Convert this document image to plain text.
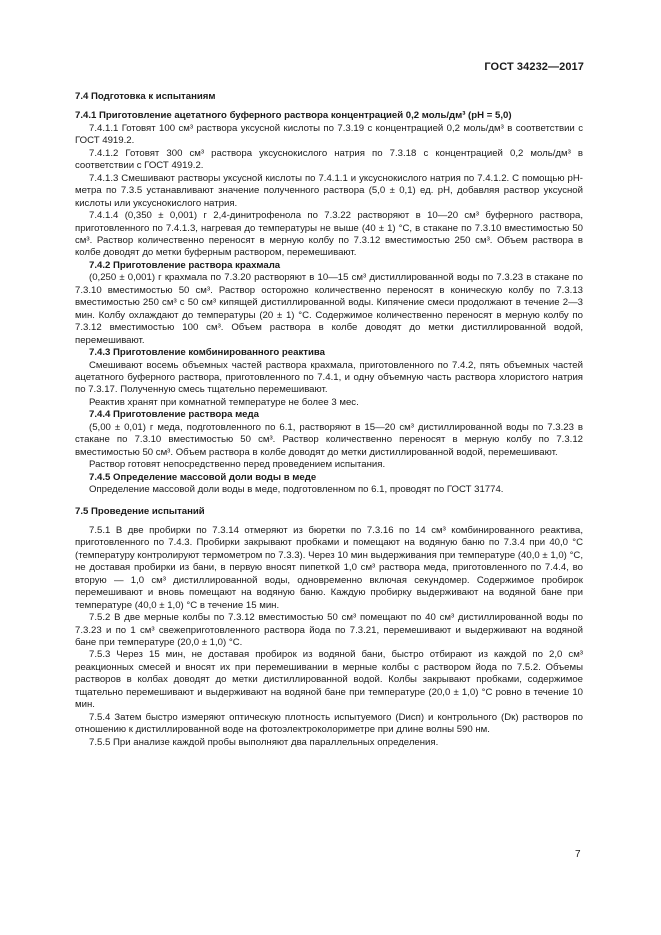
ГОСТ 34232—2017

7.4 Подготовка к испытаниям

7.4.1 Приготовление ацетатного буферного раствора концентрацией 0,2 моль/дм³ (рН = 5,0)

7.4.1.1 Готовят 100 см³ раствора уксусной кислоты по 7.3.19 с концентрацией 0,2 моль/дм³ в соответствии с ГОСТ 4919.2.

7.4.1.2 Готовят 300 см³ раствора уксуснокислого натрия по 7.3.18 с концентрацией 0,2 моль/дм³ в соответствии с ГОСТ 4919.2.

7.4.1.3 Смешивают растворы уксусной кислоты по 7.4.1.1 и уксуснокислого натрия по 7.4.1.2. С помощью рН-метра по 7.3.5 устанавливают значение полученного раствора (5,0 ± 0,1) ед. рН, добавляя раствор уксусной кислоты или уксуснокислого натрия.

7.4.1.4 (0,350 ± 0,001) г 2,4-динитрофенола по 7.3.22 растворяют в 10—20 см³ буферного раствора, приготовленного по 7.4.1.3, нагревая до температуры не выше (40 ± 1) °С, в стакане по 7.3.10 вместимостью 50 см³. Раствор количественно переносят в мерную колбу по 7.3.12 вместимостью 250 см³. Объем раствора в колбе доводят до метки буферным раствором, перемешивают.

7.4.2 Приготовление раствора крахмала

(0,250 ± 0,001) г крахмала по 7.3.20 растворяют в 10—15 см³ дистиллированной воды по 7.3.23 в стакане по 7.3.10 вместимостью 50 см³. Раствор осторожно количественно переносят в коническую колбу по 7.3.13 вместимостью 250 см³ с 50 см³ кипящей дистиллированной воды. Кипячение смеси продолжают в течение 2—3 мин. Колбу охлаждают до температуры (20 ± 1) °С. Содержимое количественно переносят в мерную колбу по 7.3.12 вместимостью 100 см³. Объем раствора в колбе доводят до метки дистиллированной водой, перемешивают.

7.4.3 Приготовление комбинированного реактива

Смешивают восемь объемных частей раствора крахмала, приготовленного по 7.4.2, пять объемных частей ацетатного буферного раствора, приготовленного по 7.4.1, и одну объемную часть раствора хлористого натрия по 7.3.17. Полученную смесь тщательно перемешивают.

Реактив хранят при комнатной температуре не более 3 мес.

7.4.4 Приготовление раствора меда

(5,00 ± 0,01) г меда, подготовленного по 6.1, растворяют в 15—20 см³ дистиллированной воды по 7.3.23 в стакане по 7.3.10 вместимостью 50 см³. Раствор количественно переносят в мерную колбу по 7.3.12 вместимостью 50 см³. Объем раствора в колбе доводят до метки дистиллированной водой, перемешивают.

Раствор готовят непосредственно перед проведением испытания.

7.4.5 Определение массовой доли воды в меде

Определение массовой доли воды в меде, подготовленном по 6.1, проводят по ГОСТ 31774.

7.5 Проведение испытаний

7.5.1 В две пробирки по 7.3.14 отмеряют из бюретки по 7.3.16 по 14 см³ комбинированного реактива, приготовленного по 7.4.3. Пробирки закрывают пробками и помещают на водяную баню по 7.3.4 при 40,0 °С (температуру контролируют термометром по 7.3.3). Через 10 мин выдерживания при температуре (40,0 ± 1,0) °С, не доставая пробирки из бани, в первую вносят пипеткой 1,0 см³ раствора меда, приготовленного по 7.4.4, во вторую — 1,0 см³ дистиллированной воды, одновременно включая секундомер. Содержимое пробирок перемешивают и вновь помещают на водяную баню. Каждую пробирку выдерживают на водяной бане при температуре (40,0 ± 1,0) °С в течение 15 мин.

7.5.2 В две мерные колбы по 7.3.12 вместимостью 50 см³ помещают по 40 см³ дистиллированной воды по 7.3.23 и по 1 см³ свежеприготовленного раствора йода по 7.3.21, перемешивают и выдерживают на водяной бане при температуре (20,0 ± 1,0) °С.

7.5.3 Через 15 мин, не доставая пробирок из водяной бани, быстро отбирают из каждой по 2,0 см³ реакционных смесей и вносят их при перемешивании в мерные колбы с раствором йода по 7.5.2. Объемы растворов в колбах доводят до метки дистиллированной водой. Колбы закрывают пробками, содержимое тщательно перемешивают и выдерживают на водяной бане при температуре (20,0 ± 1,0) °С ровно в течение 10 мин.

7.5.4 Затем быстро измеряют оптическую плотность испытуемого (Dисп) и контрольного (Dк) растворов по отношению к дистиллированной воде на фотоэлектроколориметре при длине волны 590 нм.

7.5.5 При анализе каждой пробы выполняют два параллельных определения.

7
